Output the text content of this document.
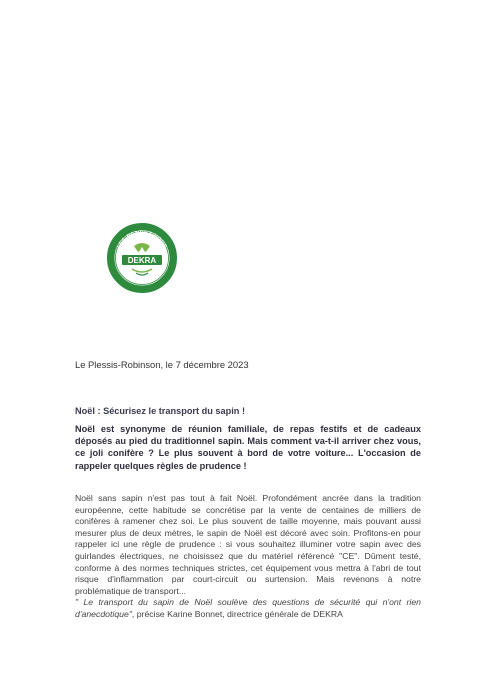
LES RENDEZ-VOUS
DE LA SÉCURITÉ ROUTIÈRE
DEKRA
Le Plessis-Robinson, le 7 décembre 2023
Noël : Sécurisez le transport du sapin !
Noël est synonyme de réunion familiale, de repas festifs et de cadeaux déposés au pied du traditionnel sapin. Mais comment va-t-il arriver chez vous, ce joli conifère ? Le plus souvent à bord de votre voiture... L'occasion de rappeler quelques règles de prudence !
Noël sans sapin n'est pas tout à fait Noël. Profondément ancrée dans la tradition européenne, cette habitude se concrétise par la vente de centaines de milliers de conifères à ramener chez soi. Le plus souvent de taille moyenne, mais pouvant aussi mesurer plus de deux mètres, le sapin de Noël est décoré avec soin. Profitons-en pour rappeler ici une règle de prudence : si vous souhaitez illuminer votre sapin avec des guirlandes électriques, ne choisissez que du matériel référencé "CE". Dûment testé, conforme à des normes techniques strictes, cet équipement vous mettra à l'abri de tout risque d'inflammation par court-circuit ou surtension. Mais revenons à notre problématique de transport...
" Le transport du sapin de Noël soulève des questions de sécurité qui n'ont rien d'anecdotique", précise Karine Bonnet, directrice générale de DEKRA
